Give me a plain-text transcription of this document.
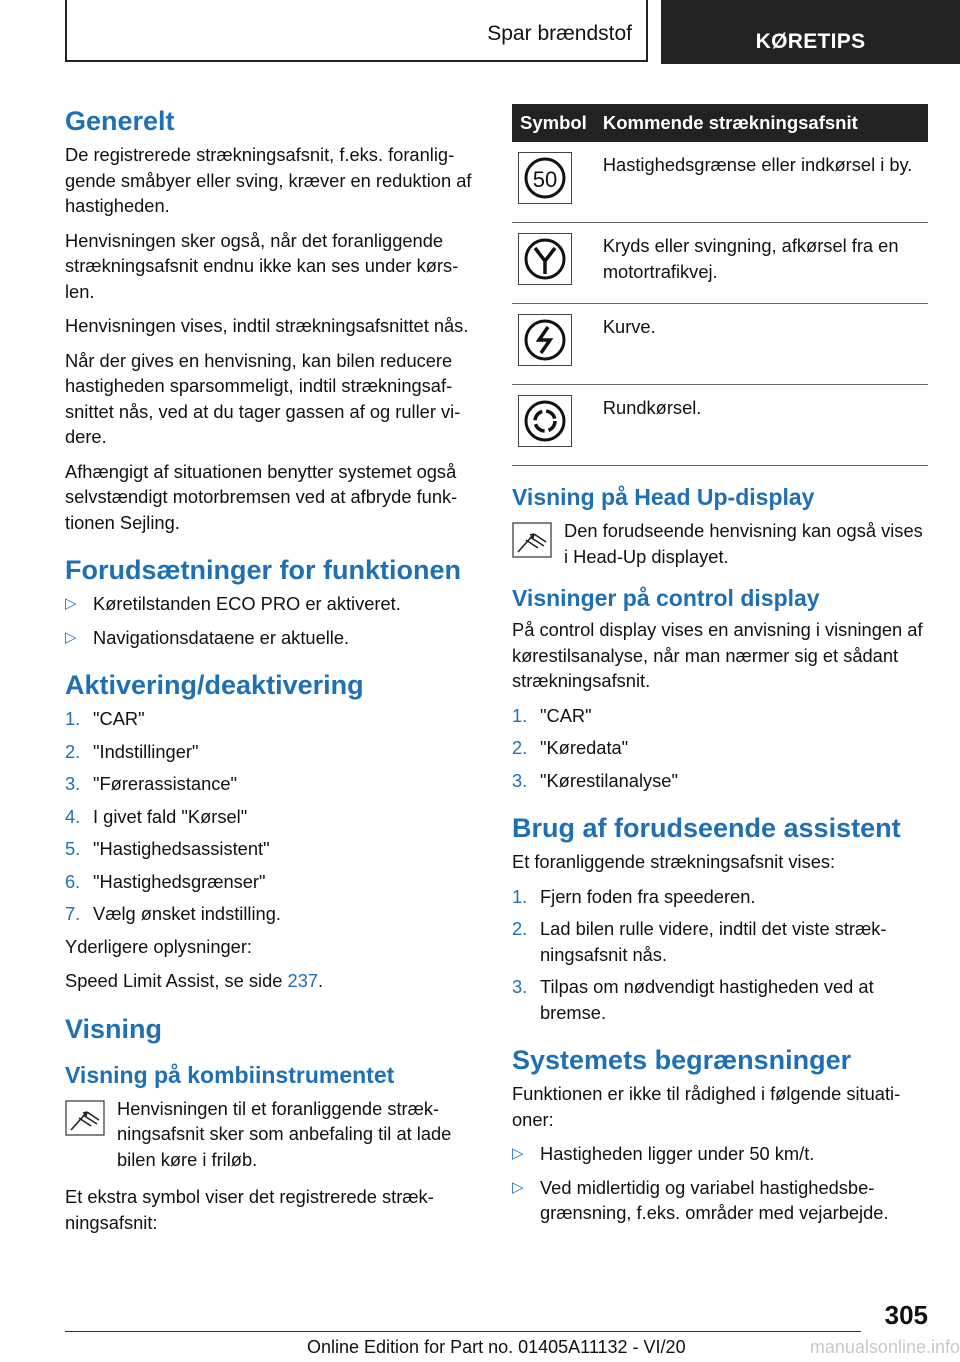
Spar brændstof	KØRETIPS
Generelt

De registrerede strækningsafsnit, f.eks. foranliggende småbyer eller sving, kræver en reduktion af hastigheden.

Henvisningen sker også, når det foranliggende strækningsafsnit endnu ikke kan ses under kørslen.

Henvisningen vises, indtil strækningsafsnittet nås.

Når der gives en henvisning, kan bilen reducere hastigheden sparsommeligt, indtil strækningsafsnittet nås, ved at du tager gassen af og ruller videre.

Afhængigt af situationen benytter systemet også selvstændigt motorbremsen ved at afbryde funktionen Sejling.

Forudsætninger for funktionen
▷ Køretilstanden ECO PRO er aktiveret.
▷ Navigationsdataene er aktuelle.
Aktivering/deaktivering
1. "CAR"
2. "Indstillinger"
3. "Førerassistance"
4. I givet fald "Kørsel"
5. "Hastighedsassistent"
6. "Hastighedsgrænser"
7. Vælg ønsket indstilling.

Yderligere oplysninger:

Speed Limit Assist, se side 237.

Visning
Visning på kombiinstrumentet
Henvisningen til et foranliggende strækningsafsnit sker som anbefaling til at lade bilen køre i friløb.

Et ekstra symbol viser det registrerede strækningsafsnit:

Symbol	Kommende strækningsafsnit

50	Hastighedsgrænse eller indkørsel i by.

	Kryds eller svingning, afkørsel fra en motortrafikvej.

	Kurve.

	Rundkørsel.
Visning på Head Up-display
Den forudseende henvisning kan også vises i Head-Up displayet.
Visninger på control display

På control display vises en anvisning i visningen af kørestilsanalyse, når man nærmer sig et sådant strækningsafsnit.

1. "CAR"
2. "Køredata"
3. "Kørestilanalyse"
Brug af forudseende assistent

Et foranliggende strækningsafsnit vises:

1. Fjern foden fra speederen.
2. Lad bilen rulle videre, indtil det viste strækningsafsnit nås.
3. Tilpas om nødvendigt hastigheden ved at bremse.
Systemets begrænsninger

Funktionen er ikke til rådighed i følgende situationer:

▷ Hastigheden ligger under 50 km/t.
▷ Ved midlertidig og variabel hastighedsbegrænsning, f.eks. områder med vejarbejde.
305
Online Edition for Part no. 01405A11132 - VI/20	manualsonline.info
